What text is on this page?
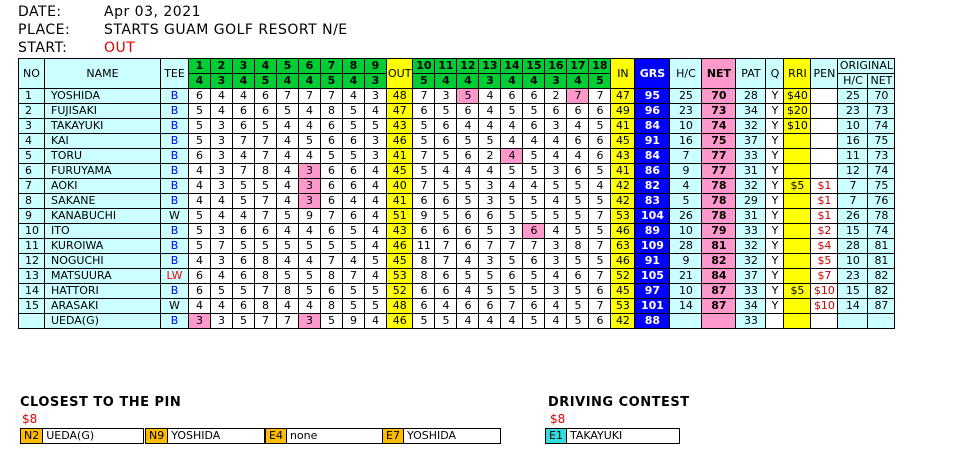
DATE:	Apr 03, 2021
PLACE: STARTS GUAM GOLF RESORT N/E
START:	OUT
NO	NAME	TEE	1	2	3	4	5	6	7	8	9	OUT	10	11	12	13	14	15	16	17	18	IN	GRS	H/C	NET	PAT	Q	RRI	PEN	ORIGINAL	
			4	3	4	5	4	4	5	4	3		5	4	4	3	4	4	3	4	5									H/C	NET
1	YOSHIDA	B	6	4	4	6	7	7	7	4	3	48	7	3	5	4	6	6	2	7	7	47	95	25	70	28	Y	$40		25	70
2	FUJISAKI	B	5	4	6	6	5	4	8	5	4	47	6	5	6	4	5	5	6	6	6	49	96	23	73	34	Y	$20		23	73
3	TAKAYUKI	B	5	3	6	5	4	4	6	5	5	43	5	6	4	4	4	6	3	4	5	41	84	10	74	32	Y	$10		10	74
4	KAI	B	5	3	7	7	4	5	6	6	3	46	5	6	5	5	4	4	4	6	6	45	91	16	75	37	Y			16	75
5	TORU	B	6	3	4	7	4	4	5	5	3	41	7	5	6	2	4	5	4	4	6	43	84	7	77	33	Y			11	73
6	FURUYAMA	B	4	3	7	8	4	3	6	6	4	45	5	4	4	4	5	5	3	6	5	41	86	9	77	31	Y			12	74
7	AOKI	B	4	3	5	5	4	3	6	6	4	40	7	5	5	3	4	4	5	5	4	42	82	4	78	32	Y	$5	$1	7	75
8	SAKANE	B	4	4	5	7	4	3	6	4	4	41	6	6	5	3	5	5	4	5	5	42	83	5	78	29	Y		$1	7	76
9	KANABUCHI	W	5	4	4	7	5	9	7	6	4	51	9	5	6	6	5	5	5	5	7	53	104	26	78	31	Y		$1	26	78
10	ITO	B	5	3	6	6	4	4	6	5	4	43	6	6	6	5	3	6	4	5	5	46	89	10	79	33	Y		$2	15	74
11	KUROIWA	B	5	7	5	5	5	5	5	5	4	46	11	7	6	7	7	7	3	8	7	63	109	28	81	32	Y		$4	28	81
12	NOGUCHI	B	4	3	6	8	4	4	7	4	5	45	8	7	4	3	5	6	3	5	5	46	91	9	82	32	Y		$5	10	81
13	MATSUURA	LW	6	4	6	8	5	5	8	7	4	53	8	6	5	5	6	5	4	6	7	52	105	21	84	37	Y		$7	23	82
14	HATTORI	B	6	5	5	7	8	5	6	5	5	52	6	6	4	5	5	5	3	5	6	45	97	10	87	33	Y	$5	$10	15	82
15	ARASAKI	W	4	4	6	8	4	4	8	5	5	48	6	4	6	6	7	6	4	5	7	53	101	14	87	34	Y		$10	14	87
	UEDA(G)	B	3	3	5	7	7	3	5	9	4	46	5	5	4	4	4	5	4	5	6	42	88			33					
CLOSEST TO THE PIN
$8
N2 UEDA(G)	N9 YOSHIDA	E4 none	E7 YOSHIDA
DRIVING CONTEST
$8
E1 TAKAYUKI
